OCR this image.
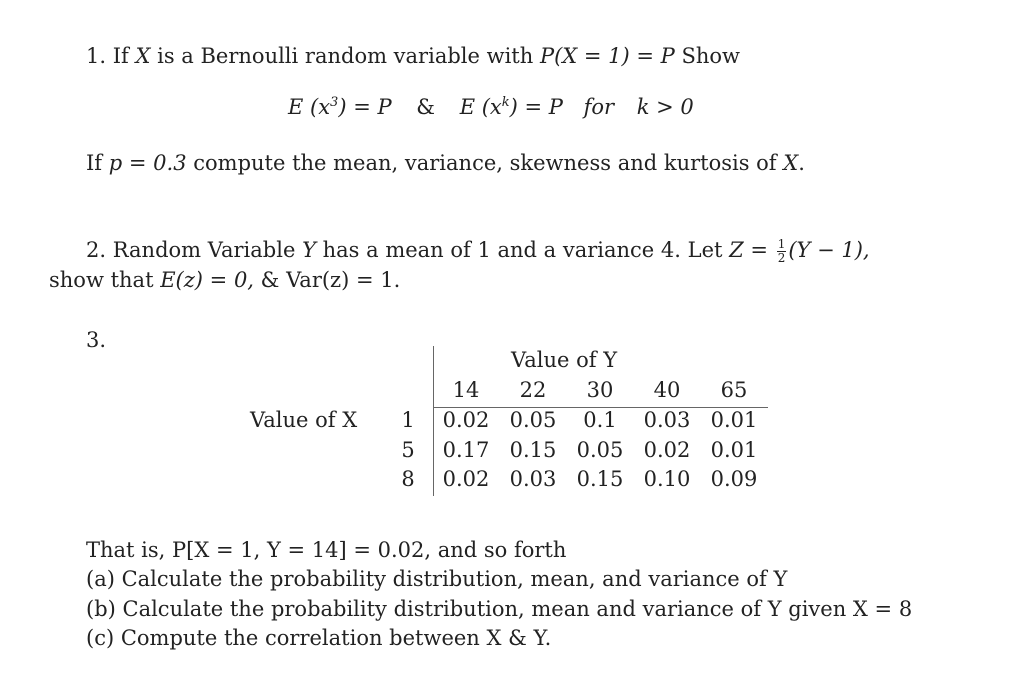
1. If X is a Bernoulli random variable with P(X = 1) = P Show
E $(x^3) = P$ & E $(x^k) = P$ for k > 0
If p = 0.3 compute the mean, variance, skewness and kurtosis of X.
2. Random Variable Y has a mean of 1 and a variance 4. Let $Z = \frac{1}{2} (Y - 1)$,
show that E(z) = 0, & Var(z) = 1.
3.
Value of Y
Value of X
14	22	30	40	65
1	0.02 0.05	0.1	0.03 0.01
5	0.17 0.15 0.05 0.02 0.01
8	0.02 0.03 0.15 0.10 0.09
That is, P[X = 1, Y = 14] = 0.02, and so forth
(a) Calculate the probability distribution, mean, and variance of Y
(b) Calculate the probability distribution, mean and variance of Y given X = 8
(c) Compute the correlation between X & Y.
